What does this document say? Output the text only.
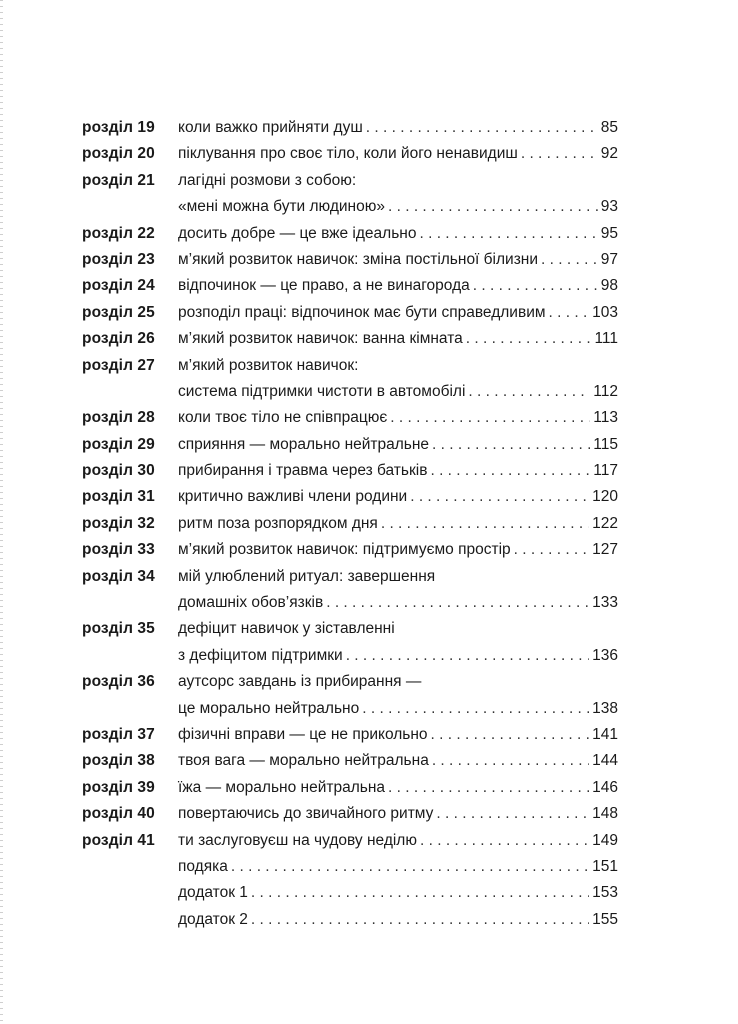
розділ 19 коли важко прийняти душ . . .	85
розділ 20 піклування про своє тіло, коли його ненавидиш . . .	92
розділ 21 лагідні розмови з собою:
«мені можна бути людиною» . . .	93
розділ 22 досить добре — це вже ідеально . . .	95
розділ 23 м’який розвиток навичок: зміна постільної білизни . . .	97
розділ 24 відпочинок — це право, а не винагорода . . .	98
розділ 25 розподіл праці: відпочинок має бути справедливим . . .	103
розділ 26 м’який розвиток навичок: ванна кімната . . .	111
розділ 27 м’який розвиток навичок:
система підтримки чистоти в автомобілі . . .	112
розділ 28 коли твоє тіло не співпрацює . . .	113
розділ 29 сприяння — морально нейтральне . . .	115
розділ 30 прибирання і травма через батьків . . .	117
розділ 31 критично важливі члени родини . . .	120
розділ 32 ритм поза розпорядком дня . . .	122
розділ 33 м’який розвиток навичок: підтримуємо простір . . .	127
розділ 34 мій улюблений ритуал: завершення
домашніх обов’язків . . .	133
розділ 35 дефіцит навичок у зіставленні
з дефіцитом підтримки . . .	136
розділ 36 аутсорс завдань із прибирання —
це морально нейтрально . . .	138
розділ 37 фізичні вправи — це не прикольно . . .	141
розділ 38 твоя вага — морально нейтральна . . .	144
розділ 39 їжа — морально нейтральна . . .	146
розділ 40 повертаючись до звичайного ритму . . .	148
розділ 41 ти заслуговуєш на чудову неділю . . .	149
подяка . . .	151
додаток 1 . . .	153
додаток 2 . . .	155
